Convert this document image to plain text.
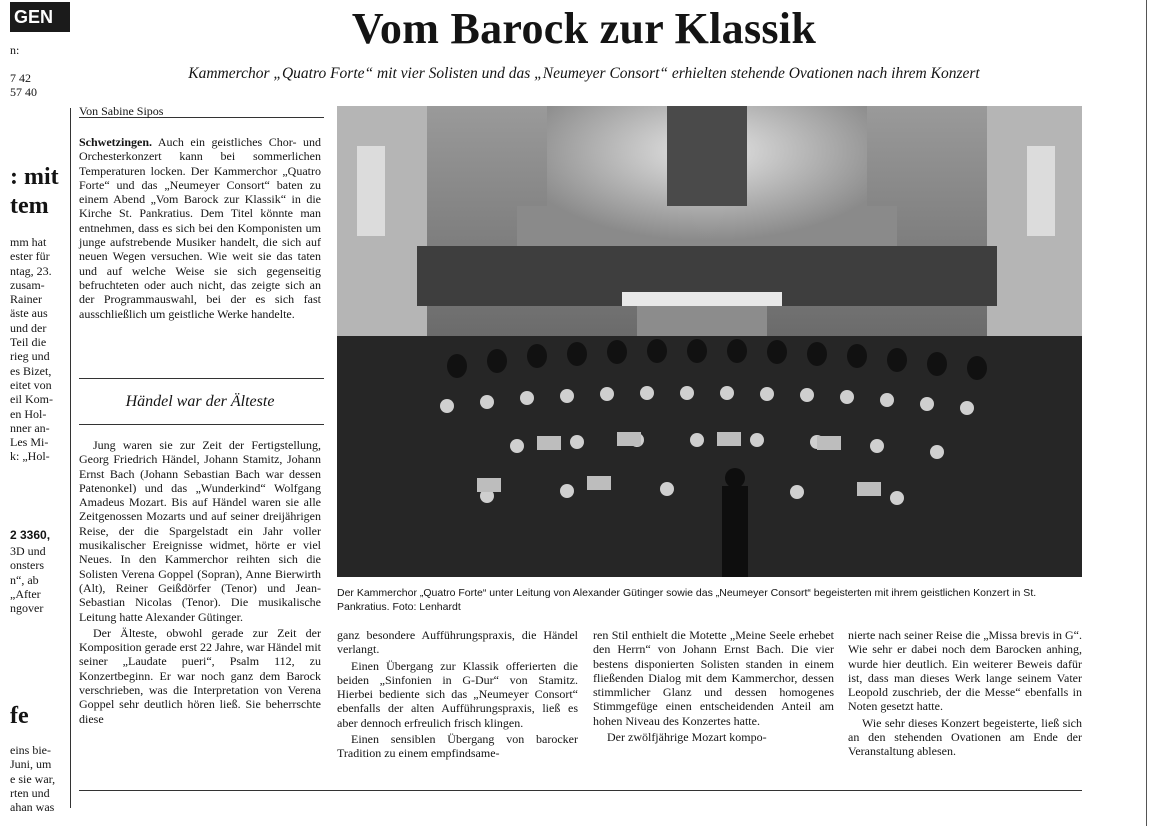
GEN
n:
7 42
57 40
: mit
tem
mm hat
ester für
ntag, 23.
zusam-
Rainer
äste aus
und der
Teil die
rieg und
es Bizet,
eitet von
eil Kom-
en Hol-
nner an-
Les Mi-
k: „Hol-
2 3360,
3D und
onsters
n“, ab
„After
ngover
fe
eins bie-
Juni, um
e sie war,
rten und
ahan was
Vom Barock zur Klassik
Kammerchor „Quatro Forte“ mit vier Solisten und das „Neumeyer Consort“ erhielten stehende Ovationen nach ihrem Konzert
Von Sabine Sipos
Schwetzingen. Auch ein geistliches Chor- und Orchesterkonzert kann bei sommerlichen Temperaturen locken. Der Kammerchor „Quatro Forte“ und das „Neumeyer Consort“ baten zu einem Abend „Vom Barock zur Klassik“ in die Kirche St. Pankratius. Dem Titel könnte man entnehmen, dass es sich bei den Komponisten um junge aufstrebende Musiker handelt, die sich auf neuen Wegen versuchen. Wie weit sie das taten und auf welche Weise sie sich gegenseitig befruchteten oder auch nicht, das zeigte sich an der Programmauswahl, bei der es sich fast ausschließlich um geistliche Werke handelte.
Händel war der Älteste

Jung waren sie zur Zeit der Fertigstellung, Georg Friedrich Händel, Johann Stamitz, Johann Ernst Bach (Johann Sebastian Bach war dessen Patenonkel) und das „Wunderkind“ Wolfgang Amadeus Mozart. Bis auf Händel waren sie alle Zeitgenossen Mozarts und auf seiner dreijährigen Reise, der die Spargelstadt ein Jahr voller musikalischer Ereignisse widmet, hörte er viel Neues. In den Kammerchor reihten sich die Solisten Verena Goppel (Sopran), Anne Bierwirth (Alt), Reiner Geißdörfer (Tenor) und Jean-Sebastian Nicolas (Tenor). Die musikalische Leitung hatte Alexander Gütinger.

Der Älteste, obwohl gerade zur Zeit der Komposition gerade erst 22 Jahre, war Händel mit seiner „Laudate pueri“, Psalm 112, zu Konzertbeginn. Er war noch ganz dem Barock verschrieben, was die Interpretation von Verena Goppel sehr deutlich hören ließ. Sie beherrschte diese

Der Kammerchor „Quatro Forte“ unter Leitung von Alexander Gütinger sowie das „Neumeyer Consort“ begeisterten mit ihrem geistlichen Konzert in St. Pankratius. Foto: Lenhardt

ganz besondere Aufführungspraxis, die Händel verlangt.

Einen Übergang zur Klassik offerierten die beiden „Sinfonien in G-Dur“ von Stamitz. Hierbei bediente sich das „Neumeyer Consort“ ebenfalls der alten Aufführungspraxis, ließ es aber dennoch erfreulich frisch klingen.

Einen sensiblen Übergang von barocker Tradition zu einem empfindsame-

ren Stil enthielt die Motette „Meine Seele erhebet den Herrn“ von Johann Ernst Bach. Die vier bestens disponierten Solisten standen in einem fließenden Dialog mit dem Kammerchor, dessen stimmlicher Glanz und dessen homogenes Stimmgefüge einen entscheidenden Anteil am hohen Niveau des Konzertes hatte.

Der zwölfjährige Mozart kompo-

nierte nach seiner Reise die „Missa brevis in G“. Wie sehr er dabei noch dem Barocken anhing, wurde hier deutlich. Ein weiterer Beweis dafür ist, dass man dieses Werk lange seinem Vater Leopold zuschrieb, der die Messe“ ebenfalls in Noten gesetzt hatte.

Wie sehr dieses Konzert begeisterte, ließ sich an den stehenden Ovationen am Ende der Veranstaltung ablesen.
